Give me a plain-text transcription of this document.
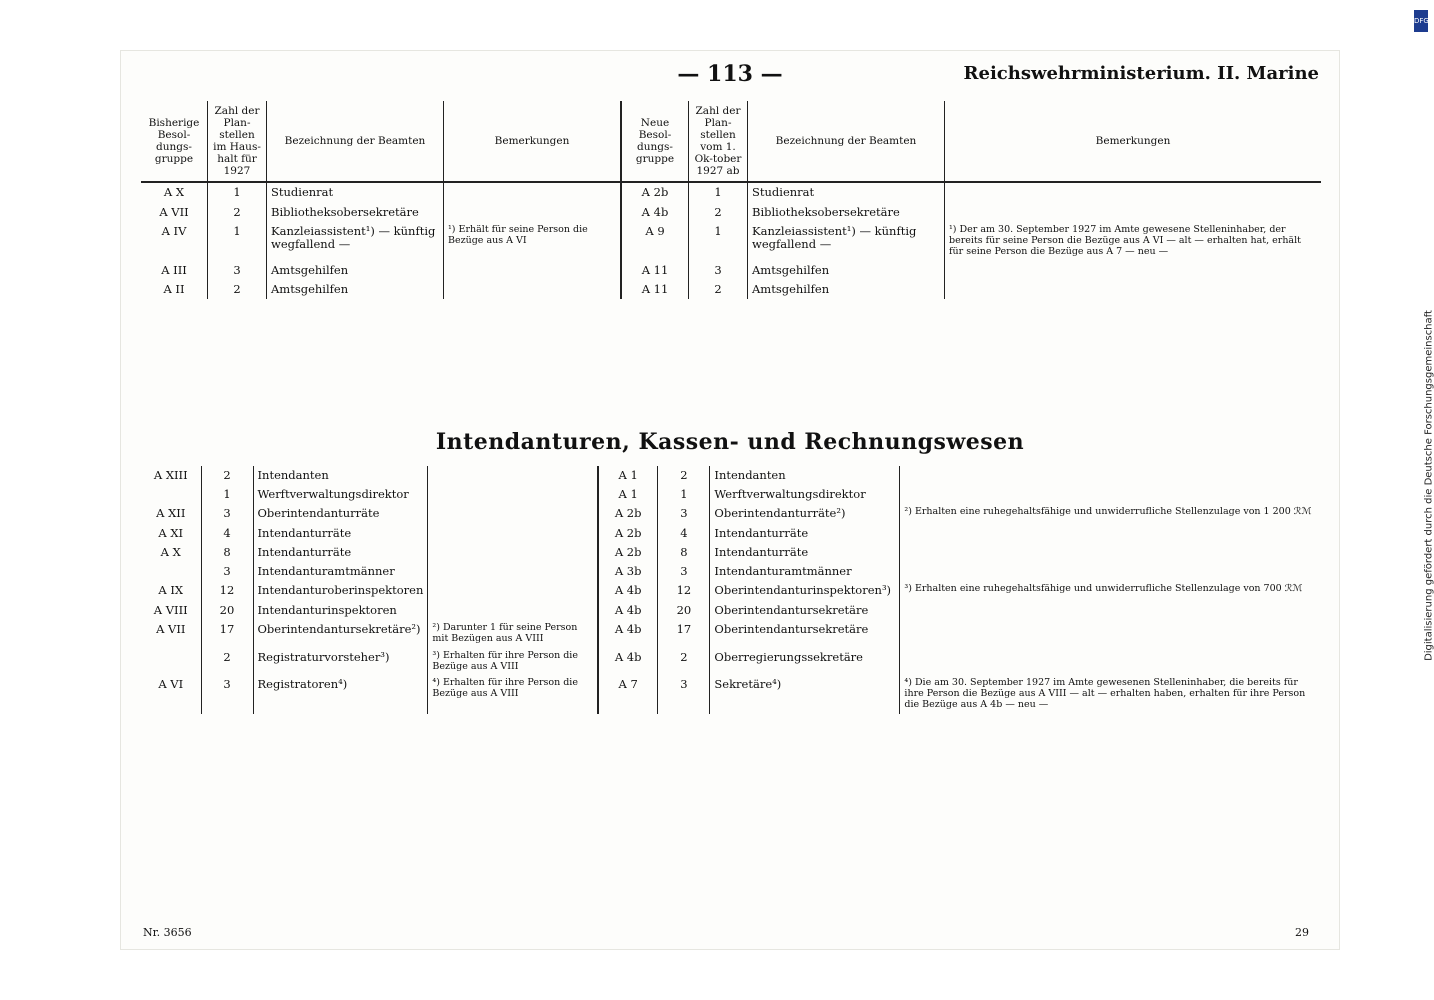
— 113 —	Reichswehrministerium. II. Marine
Bisherige Besol-dungs-gruppe	Zahl der Plan-stellen im Haus-halt für 1927	Bezeichnung der Beamten	Bemerkungen	Neue Besol-dungs-gruppe	Zahl der Plan-stellen vom 1. Ok-tober 1927 ab	Bezeichnung der Beamten	Bemerkungen
A X	1	Studienrat		A 2b	1	Studienrat	
A VII	2	Bibliotheksobersekretäre		A 4b	2	Bibliotheksobersekretäre	
A IV	1	Kanzleiassistent¹) — künftig wegfallend —	¹) Erhält für seine Person die Bezüge aus A VI	A 9	1	Kanzleiassistent¹) — künftig wegfallend —	¹) Der am 30. September 1927 im Amte gewesene Stelleninhaber, der bereits für seine Person die Bezüge aus A VI — alt — erhalten hat, erhält für seine Person die Bezüge aus A 7 — neu —
A III	3	Amtsgehilfen		A 11	3	Amtsgehilfen	
A II	2	Amtsgehilfen		A 11	2	Amtsgehilfen	
Intendanturen, Kassen- und Rechnungswesen
A XIII	2	Intendanten		A 1	2	Intendanten	
	1	Werftverwaltungsdirektor		A 1	1	Werftverwaltungsdirektor	
A XII	3	Oberintendanturräte		A 2b	3	Oberintendanturräte²)	²) Erhalten eine ruhegehaltsfähige und unwiderrufliche Stellenzulage von 1 200 ℛℳ
A XI	4	Intendanturräte		A 2b	4	Intendanturräte	
A X	8	Intendanturräte		A 2b	8	Intendanturräte	
	3	Intendanturamtmänner		A 3b	3	Intendanturamtmänner	
A IX	12	Intendanturoberinspektoren		A 4b	12	Oberintendanturinspektoren³)	³) Erhalten eine ruhegehaltsfähige und unwiderrufliche Stellenzulage von 700 ℛℳ
A VIII	20	Intendanturinspektoren		A 4b	20	Oberintendantursekretäre	
A VII	17	Oberintendantursekretäre²)	²) Darunter 1 für seine Person mit Bezügen aus A VIII	A 4b	17	Oberintendantursekretäre	
	2	Registraturvorsteher³)	³) Erhalten für ihre Person die Bezüge aus A VIII	A 4b	2	Oberregierungssekretäre	
A VI	3	Registratoren⁴)	⁴) Erhalten für ihre Person die Bezüge aus A VIII	A 7	3	Sekretäre⁴)	⁴) Die am 30. September 1927 im Amte gewesenen Stelleninhaber, die bereits für ihre Person die Bezüge aus A VIII — alt — erhalten haben, erhalten für ihre Person die Bezüge aus A 4b — neu —
Nr. 3656	29
DFG
Digitalisierung gefördert durch die Deutsche Forschungsgemeinschaft
